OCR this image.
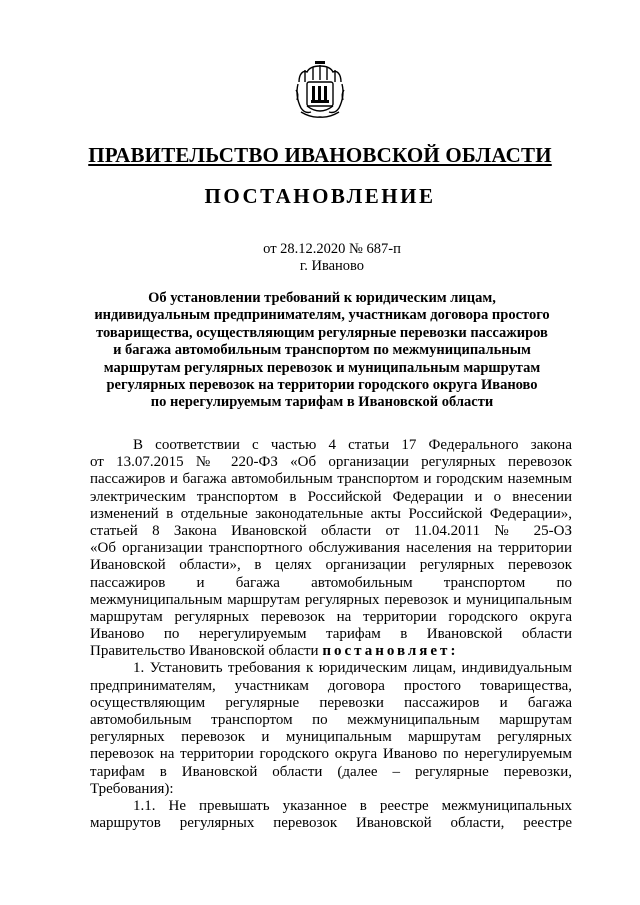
ПРАВИТЕЛЬСТВО ИВАНОВСКОЙ ОБЛАСТИ
ПОСТАНОВЛЕНИЕ
от 28.12.2020 № 687-п
г. Иваново
Об установлении требований к юридическим лицам,
индивидуальным предпринимателям, участникам договора простого
товарищества, осуществляющим регулярные перевозки пассажиров
и багажа автомобильным транспортом по межмуниципальным
маршрутам регулярных перевозок и муниципальным маршрутам
регулярных перевозок на территории городского округа Иваново
по нерегулируемым тарифам в Ивановской области
В соответствии с частью 4 статьи 17 Федерального закона
от 13.07.2015 № 220-ФЗ «Об организации регулярных перевозок
пассажиров и багажа автомобильным транспортом и городским наземным
электрическим транспортом в Российской Федерации и о внесении
изменений в отдельные законодательные акты Российской Федерации»,
статьей 8 Закона Ивановской области от 11.04.2011 № 25-ОЗ
«Об организации транспортного обслуживания населения на территории
Ивановской области», в целях организации регулярных перевозок
пассажиров и багажа автомобильным транспортом по
межмуниципальным маршрутам регулярных перевозок и муниципальным
маршрутам регулярных перевозок на территории городского округа
Иваново по нерегулируемым тарифам в Ивановской области
Правительство Ивановской области постановляет:
1. Установить требования к юридическим лицам, индивидуальным
предпринимателям, участникам договора простого товарищества,
осуществляющим регулярные перевозки пассажиров и багажа
автомобильным транспортом по межмуниципальным маршрутам
регулярных перевозок и муниципальным маршрутам регулярных
перевозок на территории городского округа Иваново по нерегулируемым
тарифам в Ивановской области (далее – регулярные перевозки,
Требования):
1.1. Не превышать указанное в реестре межмуниципальных
маршрутов регулярных перевозок Ивановской области, реестре
